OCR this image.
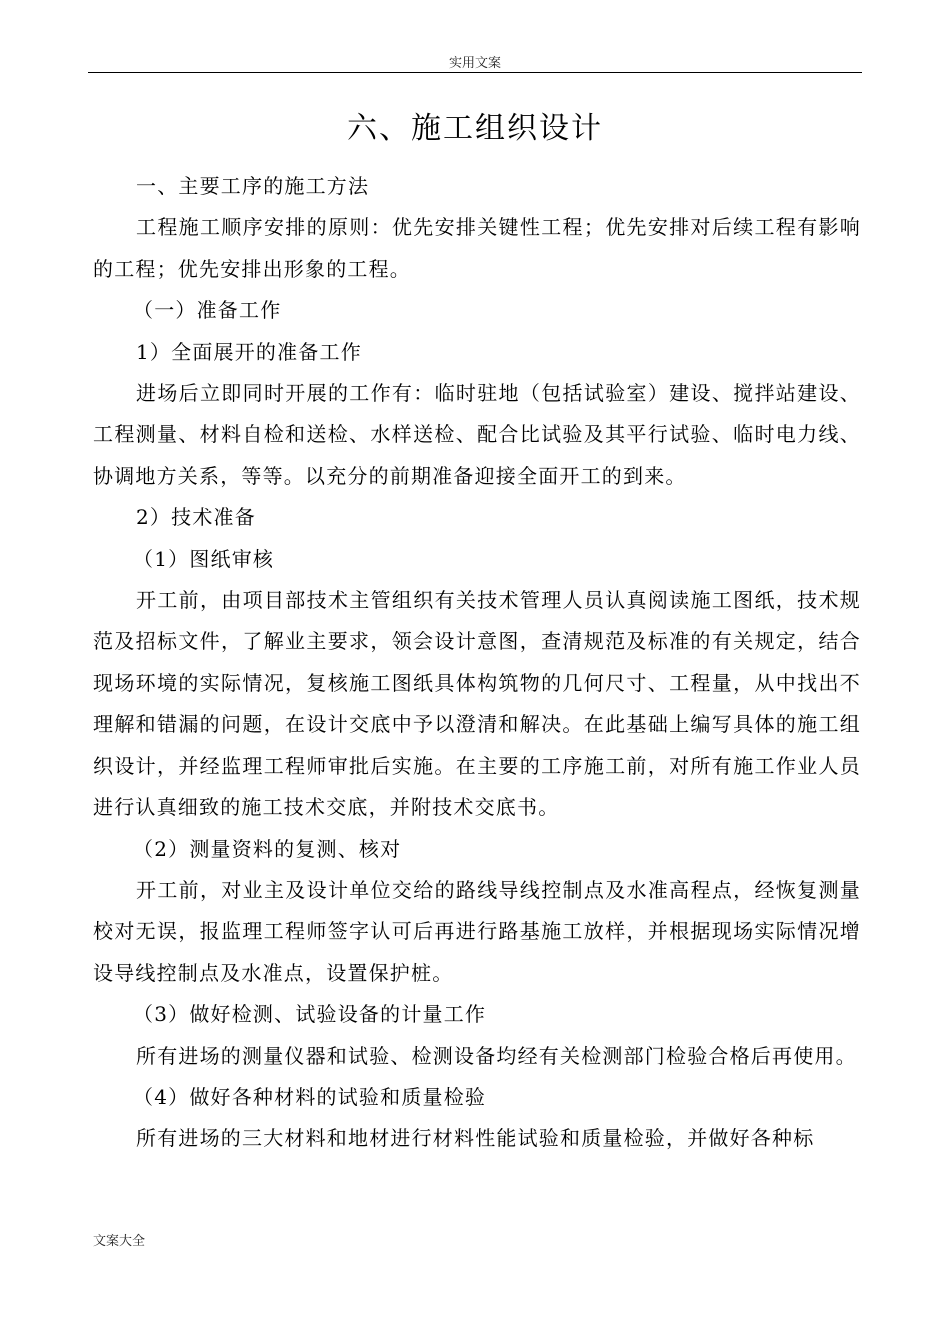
实用文案
六、施工组织设计

一、主要工序的施工方法

工程施工顺序安排的原则：优先安排关键性工程；优先安排对后续工程有影响的工程；优先安排出形象的工程。

（一）准备工作

1）全面展开的准备工作

进场后立即同时开展的工作有：临时驻地（包括试验室）建设、搅拌站建设、工程测量、材料自检和送检、水样送检、配合比试验及其平行试验、临时电力线、协调地方关系，等等。以充分的前期准备迎接全面开工的到来。

2）技术准备

（1）图纸审核

开工前，由项目部技术主管组织有关技术管理人员认真阅读施工图纸，技术规范及招标文件，了解业主要求，领会设计意图，查清规范及标准的有关规定，结合现场环境的实际情况，复核施工图纸具体构筑物的几何尺寸、工程量，从中找出不理解和错漏的问题，在设计交底中予以澄清和解决。在此基础上编写具体的施工组织设计，并经监理工程师审批后实施。在主要的工序施工前，对所有施工作业人员进行认真细致的施工技术交底，并附技术交底书。

（2）测量资料的复测、核对

开工前，对业主及设计单位交给的路线导线控制点及水准高程点，经恢复测量校对无误，报监理工程师签字认可后再进行路基施工放样，并根据现场实际情况增设导线控制点及水准点，设置保护桩。

（3）做好检测、试验设备的计量工作

所有进场的测量仪器和试验、检测设备均经有关检测部门检验合格后再使用。

（4）做好各种材料的试验和质量检验

所有进场的三大材料和地材进行材料性能试验和质量检验，并做好各种标

文案大全
